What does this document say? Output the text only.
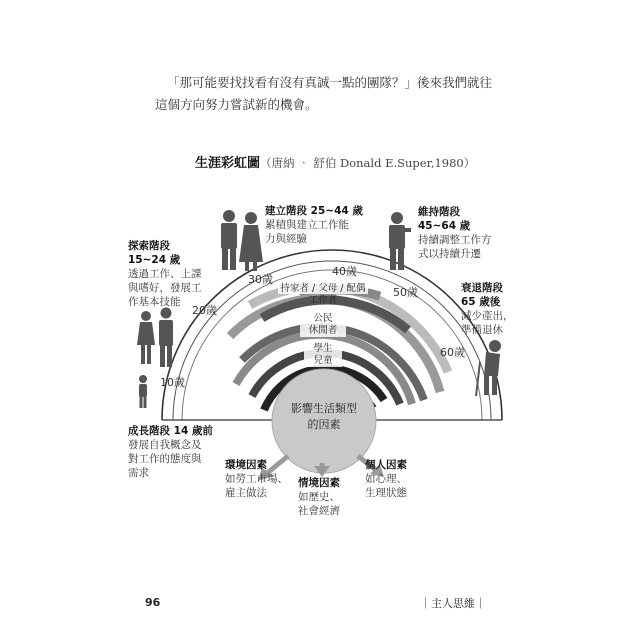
「那可能要找找看有沒有真誠一點的團隊？」後來我們就往
這個方向努力嘗試新的機會。
生涯彩虹圖（唐納 ‧ 舒伯 Donald E.Super,1980）
影響生活類型
的因素
10歲
20歲
30歲
40歲
50歲
60歲
持家者 / 父母 / 配偶
工作者
公民
休閒者
學生
兒童
探索階段
15~24 歲
透過工作、上課
與嗜好，發展工
作基本技能
建立階段 25~44 歲
累積與建立工作能
力與經驗
維持階段
45~64 歲
持續調整工作方
式以持續升遷
衰退階段
65 歲後
減少產出，
準備退休
成長階段 14 歲前
發展自我概念及
對工作的態度與
需求
環境因素
如勞工市場、
雇主做法
情境因素
如歷史、
社會經濟
個人因素
如心理、
生理狀態
96	｜主人思維｜
